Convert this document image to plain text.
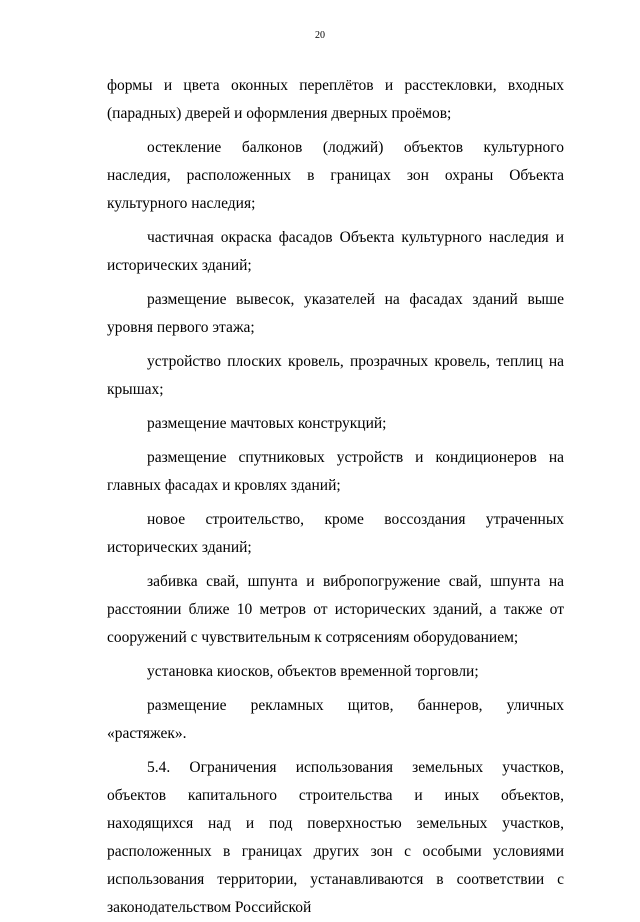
20

формы и цвета оконных переплётов и расстекловки, входных (парадных) дверей и оформления дверных проёмов;

остекление балконов (лоджий) объектов культурного наследия, расположенных в границах зон охраны Объекта культурного наследия;

частичная окраска фасадов Объекта культурного наследия и исторических зданий;

размещение вывесок, указателей на фасадах зданий выше уровня первого этажа;

устройство плоских кровель, прозрачных кровель, теплиц на крышах;

размещение мачтовых конструкций;

размещение спутниковых устройств и кондиционеров на главных фасадах и кровлях зданий;

новое строительство, кроме воссоздания утраченных исторических зданий;

забивка свай, шпунта и вибропогружение свай, шпунта на расстоянии ближе 10 метров от исторических зданий, а также от сооружений с чувствительным к сотрясениям оборудованием;

установка киосков, объектов временной торговли;

размещение рекламных щитов, баннеров, уличных «растяжек».

5.4. Ограничения использования земельных участков, объектов капитального строительства и иных объектов, находящихся над и под поверхностью земельных участков, расположенных в границах других зон с особыми условиями использования территории, устанавливаются в соответствии с законодательством Российской
